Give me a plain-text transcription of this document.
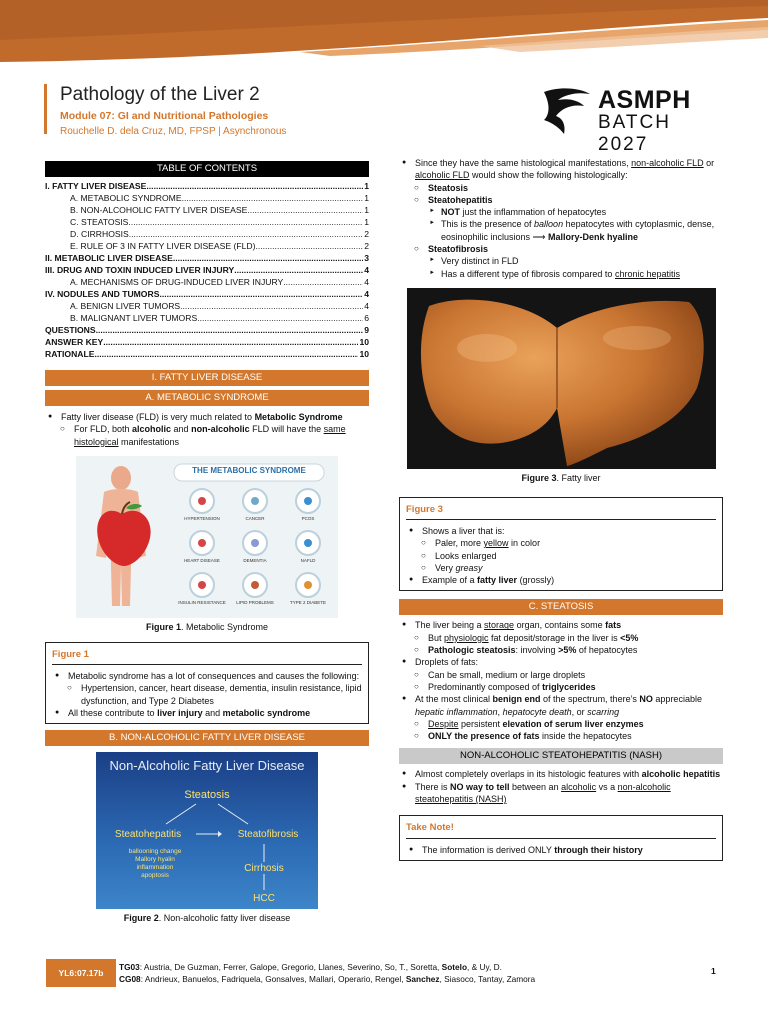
Pathology of the Liver 2
Module 07: GI and Nutritional Pathologies
Rouchelle D. dela Cruz, MD, FPSP | Asynchronous
ASMPH
BATCH 2027
TABLE OF CONTENTS
I. FATTY LIVER DISEASE .....	1
A. METABOLIC SYNDROME .....	1
B. NON-ALCOHOLIC FATTY LIVER DISEASE .....	1
C. STEATOSIS .....	1
D. CIRRHOSIS .....	2
E. RULE OF 3 IN FATTY LIVER DISEASE (FLD) .....	2
II. METABOLIC LIVER DISEASE .....	3
III. DRUG AND TOXIN INDUCED LIVER INJURY .....	4
A. MECHANISMS OF DRUG-INDUCED LIVER INJURY .....	4
IV. NODULES AND TUMORS .....	4
A. BENIGN LIVER TUMORS .....	4
B. MALIGNANT LIVER TUMORS .....	6
QUESTIONS .....	9
ANSWER KEY .....	10
RATIONALE .....	10
I. FATTY LIVER DISEASE
A. METABOLIC SYNDROME
● Fatty liver disease (FLD) is very much related to Metabolic Syndrome
○ For FLD, both alcoholic and non-alcoholic FLD will have the same histological manifestations
THE METABOLIC SYNDROME
HYPERTENSION	CANCER	PCOS
HEART DISEASE	DEMENTIA	NAFLD
INSULIN RESISTANCE	LIPID PROBLEMS	TYPE 2 DIABETE
Figure 1. Metabolic Syndrome
Figure 1
● Metabolic syndrome has a lot of consequences and causes the following:
○ Hypertension, cancer, heart disease, dementia, insulin resistance, lipid dysfunction, and Type 2 Diabetes
● All these contribute to liver injury and metabolic syndrome
B. NON-ALCOHOLIC FATTY LIVER DISEASE
Non-Alcoholic Fatty Liver Disease
Steatosis
Steatohepatitis	Steatofibrosis
ballooning change
Mallory hyalin
inflammation
apoptosis
Cirrhosis
HCC
Figure 2. Non-alcoholic fatty liver disease
● Since they have the same histological manifestations, non-alcoholic FLD or alcoholic FLD would show the following histologically:
○ Steatosis
○ Steatohepatitis
‣ NOT just the inflammation of hepatocytes
‣ This is the presence of balloon hepatocytes with cytoplasmic, dense, eosinophilic inclusions ⟶ Mallory-Denk hyaline
○ Steatofibrosis
‣ Very distinct in FLD
‣ Has a different type of fibrosis compared to chronic hepatitis
Figure 3. Fatty liver
Figure 3
● Shows a liver that is:
○ Paler, more yellow in color
○ Looks enlarged
○ Very greasy
● Example of a fatty liver (grossly)
C. STEATOSIS
● The liver being a storage organ, contains some fats
○ But physiologic fat deposit/storage in the liver is <5%
○ Pathologic steatosis: involving >5% of hepatocytes
● Droplets of fats:
○ Can be small, medium or large droplets
○ Predominantly composed of triglycerides
● At the most clinical benign end of the spectrum, there’s NO appreciable hepatic inflammation, hepatocyte death, or scarring
○ Despite persistent elevation of serum liver enzymes
○ ONLY the presence of fats inside the hepatocytes
NON-ALCOHOLIC STEATOHEPATITIS (NASH)
● Almost completely overlaps in its histologic features with alcoholic hepatitis
● There is NO way to tell between an alcoholic vs a non-alcoholic steatohepatitis (NASH)
Take Note!
● The information is derived ONLY through their history
YL6:07.17b
TG03: Austria, De Guzman, Ferrer, Galope, Gregorio, Llanes, Severino, So, T., Soretta, Sotelo, & Uy, D.
CG08: Andrieux, Banuelos, Fadriquela, Gonsalves, Mallari, Operario, Rengel, Sanchez, Siasoco, Tantay, Zamora
1
